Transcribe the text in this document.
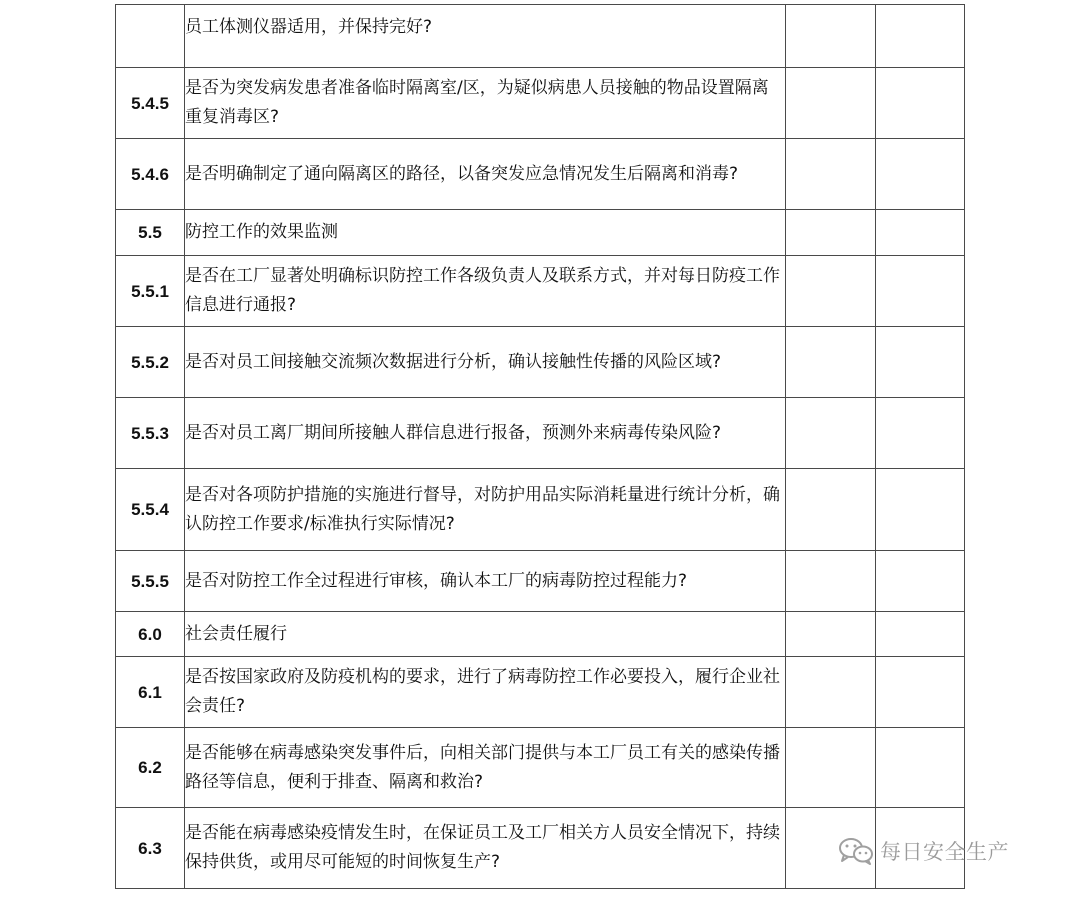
	员工体测仪器适用，并保持完好?		
5.4.5	是否为突发病发患者准备临时隔离室/区，为疑似病患人员接触的物品设置隔离重复消毒区?		
5.4.6	是否明确制定了通向隔离区的路径，以备突发应急情况发生后隔离和消毒?		
5.5	防控工作的效果监测		
5.5.1	是否在工厂显著处明确标识防控工作各级负责人及联系方式，并对每日防疫工作信息进行通报?		
5.5.2	是否对员工间接触交流频次数据进行分析，确认接触性传播的风险区域?		
5.5.3	是否对员工离厂期间所接触人群信息进行报备，预测外来病毒传染风险?		
5.5.4	是否对各项防护措施的实施进行督导，对防护用品实际消耗量进行统计分析，确认防控工作要求/标准执行实际情况?		
5.5.5	是否对防控工作全过程进行审核，确认本工厂的病毒防控过程能力?		
6.0	社会责任履行		
6.1	是否按国家政府及防疫机构的要求，进行了病毒防控工作必要投入，履行企业社会责任?		
6.2	是否能够在病毒感染突发事件后，向相关部门提供与本工厂员工有关的感染传播路径等信息，便利于排查、隔离和救治?		
6.3	是否能在病毒感染疫情发生时，在保证员工及工厂相关方人员安全情况下，持续保持供货，或用尽可能短的时间恢复生产?			每日安全生产
